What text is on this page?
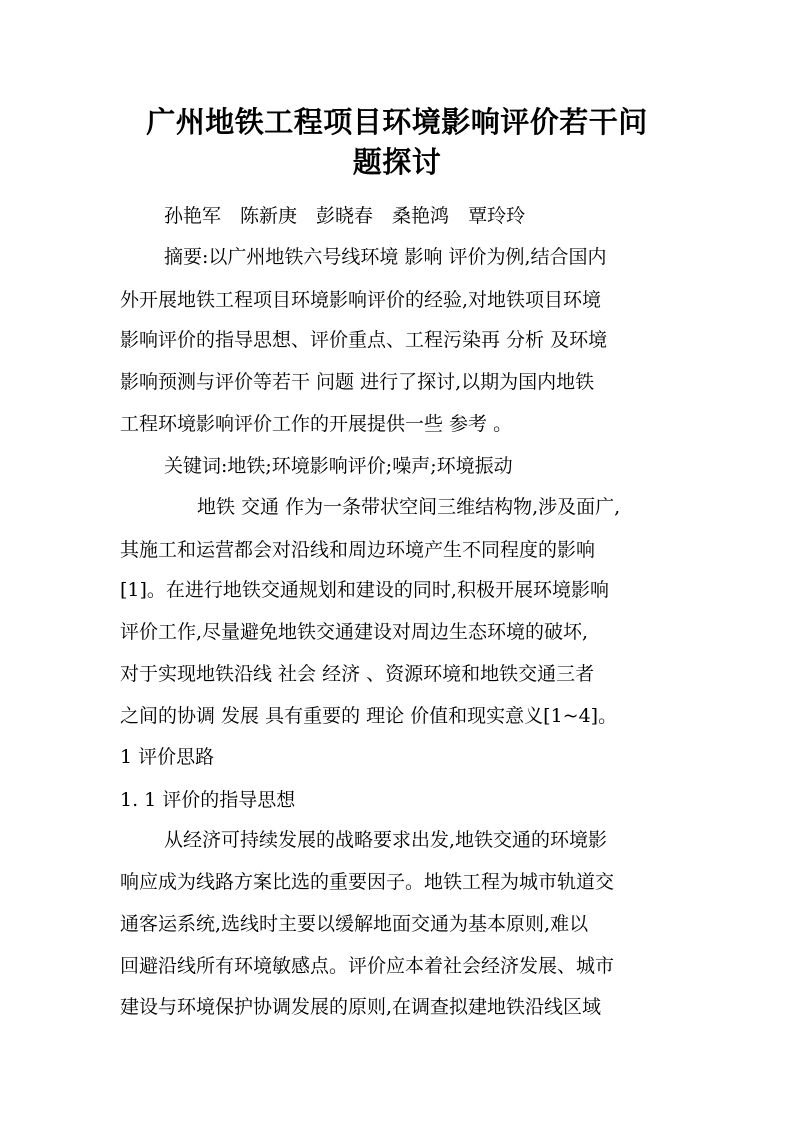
广州地铁工程项目环境影响评价若干问
题探讨
孙艳军 陈新庚 彭晓春 桑艳鸿 覃玲玲

摘要:以广州地铁六号线环境 影响 评价为例,结合国内

外开展地铁工程项目环境影响评价的经验,对地铁项目环境

影响评价的指导思想、评价重点、工程污染再 分析 及环境

影响预测与评价等若干 问题 进行了探讨,以期为国内地铁

工程环境影响评价工作的开展提供一些 参考 。

关键词:地铁;环境影响评价;噪声;环境振动

地铁 交通 作为一条带状空间三维结构物,涉及面广,

其施工和运营都会对沿线和周边环境产生不同程度的影响

[1]。在进行地铁交通规划和建设的同时,积极开展环境影响

评价工作,尽量避免地铁交通建设对周边生态环境的破坏,

对于实现地铁沿线 社会 经济 、资源环境和地铁交通三者

之间的协调 发展 具有重要的 理论 价值和现实意义[1~4]。

1 评价思路

1. 1 评价的指导思想

从经济可持续发展的战略要求出发,地铁交通的环境影

响应成为线路方案比选的重要因子。地铁工程为城市轨道交

通客运系统,选线时主要以缓解地面交通为基本原则,难以

回避沿线所有环境敏感点。评价应本着社会经济发展、城市

建设与环境保护协调发展的原则,在调查拟建地铁沿线区域
